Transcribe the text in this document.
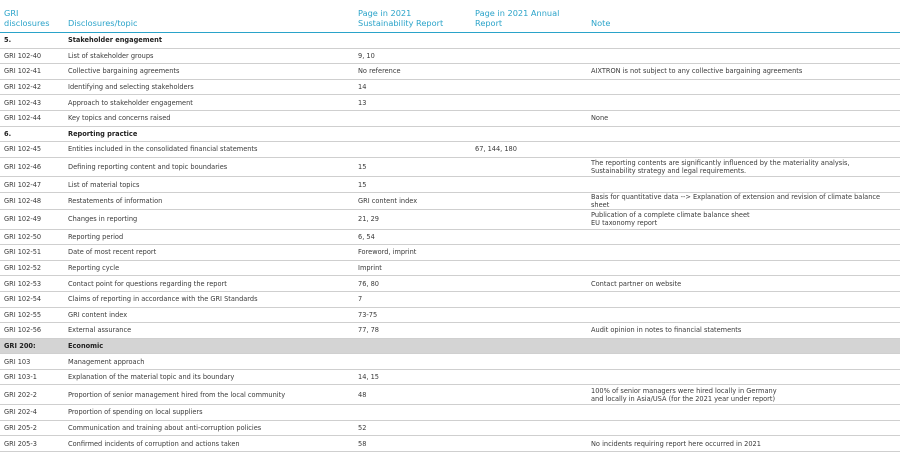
GRI disclosures	Disclosures/topic	Page in 2021 Sustainability Report	Page in 2021 Annual Report	Note
5.	Stakeholder engagement			
GRI 102-40	List of stakeholder groups	9, 10		
GRI 102-41	Collective bargaining agreements	No reference		AIXTRON is not subject to any collective bargaining agreements

GRI 102-42	Identifying and selecting stakeholders	14		
GRI 102-43	Approach to stakeholder engagement	13		
GRI 102-44	Key topics and concerns raised			None

6.	Reporting practice			
GRI 102-45	Entities included in the consolidated financial statements		67, 144, 180	
GRI 102-46	Defining reporting content and topic boundaries	15		The reporting contents are significantly influenced by the materiality analysis,
Sustainability strategy and legal requirements.

GRI 102-47	List of material topics	15		
GRI 102-48	Restatements of information	GRI content index		Basis for quantitative data --> Explanation of extension and revision of climate balance sheet

GRI 102-49	Changes in reporting	21, 29		Publication of a complete climate balance sheet
EU taxonomy report

GRI 102-50	Reporting period	6, 54		
GRI 102-51	Date of most recent report	Foreword, imprint		
GRI 102-52	Reporting cycle	Imprint		
GRI 102-53	Contact point for questions regarding the report	76, 80		Contact partner on website

GRI 102-54	Claims of reporting in accordance with the GRI Standards	7		
GRI 102-55	GRI content index	73-75		
GRI 102-56	External assurance	77, 78		Audit opinion in notes to financial statements

GRI 200:	Economic			
GRI 103	Management approach			
GRI 103-1	Explanation of the material topic and its boundary	14, 15		
GRI 202-2	Proportion of senior management hired from the local community	48		100% of senior managers were hired locally in Germany
and locally in Asia/USA (for the 2021 year under report)

GRI 202-4	Proportion of spending on local suppliers			
GRI 205-2	Communication and training about anti-corruption policies	52		
GRI 205-3	Confirmed incidents of corruption and actions taken	58		No incidents requiring report here occurred in 2021
